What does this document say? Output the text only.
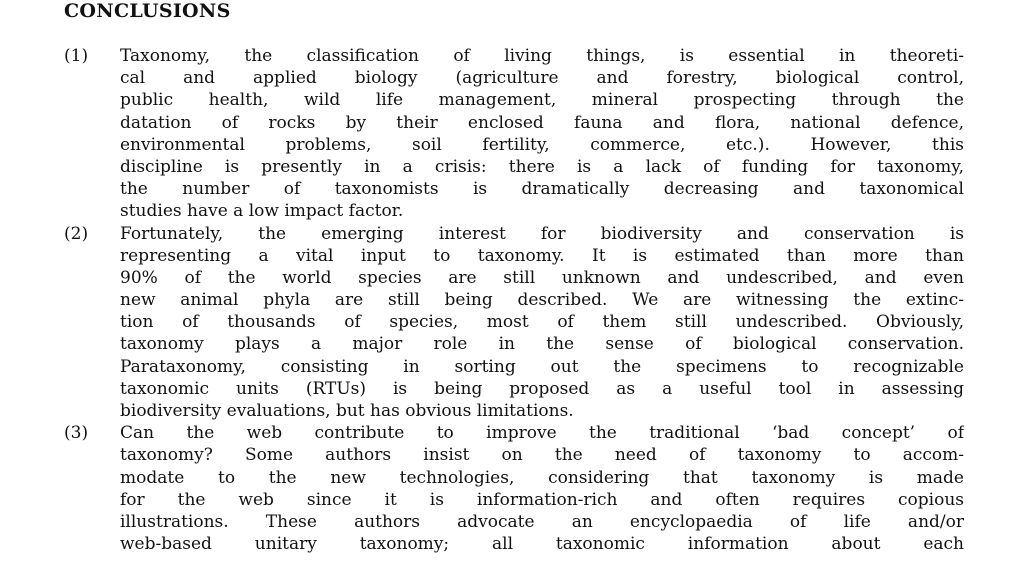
CONCLUSIONS
(1) Taxonomy, the classification of living things, is essential in theoreti-
cal and applied biology (agriculture and forestry, biological control,
public health, wild life management, mineral prospecting through the
datation of rocks by their enclosed fauna and flora, national defence,
environmental problems, soil fertility, commerce, etc.). However, this
discipline is presently in a crisis: there is a lack of funding for taxonomy,
the number of taxonomists is dramatically decreasing and taxonomical
studies have a low impact factor.
(2) Fortunately, the emerging interest for biodiversity and conservation is
representing a vital input to taxonomy. It is estimated than more than
90% of the world species are still unknown and undescribed, and even
new animal phyla are still being described. We are witnessing the extinc-
tion of thousands of species, most of them still undescribed. Obviously,
taxonomy plays a major role in the sense of biological conservation.
Parataxonomy, consisting in sorting out the specimens to recognizable
taxonomic units (RTUs) is being proposed as a useful tool in assessing
biodiversity evaluations, but has obvious limitations.
(3) Can the web contribute to improve the traditional ‘bad concept’ of
taxonomy? Some authors insist on the need of taxonomy to accom-
modate to the new technologies, considering that taxonomy is made
for the web since it is information-rich and often requires copious
illustrations. These authors advocate an encyclopaedia of life and/or
web-based unitary taxonomy; all taxonomic information about each
